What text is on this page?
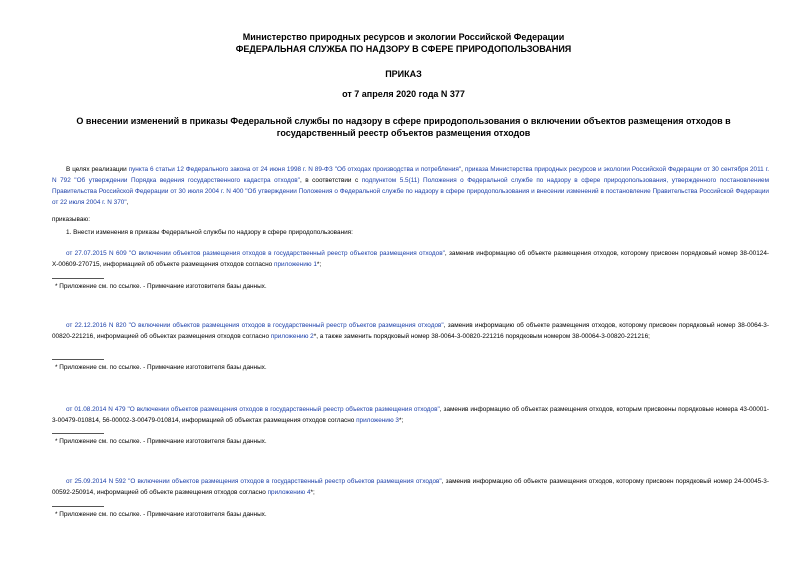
Министерство природных ресурсов и экологии Российской Федерации
ФЕДЕРАЛЬНАЯ СЛУЖБА ПО НАДЗОРУ В СФЕРЕ ПРИРОДОПОЛЬЗОВАНИЯ
ПРИКАЗ
от 7 апреля 2020 года N 377
О внесении изменений в приказы Федеральной службы по надзору в сфере природопользования о включении объектов размещения отходов в государственный реестр объектов размещения отходов
В целях реализации пункта 6 статьи 12 Федерального закона от 24 июня 1998 г. N 89-ФЗ "Об отходах производства и потребления", приказа Министерства природных ресурсов и экологии Российской Федерации от 30 сентября 2011 г. N 792 "Об утверждении Порядка ведения государственного кадастра отходов", в соответствии с подпунктом 5.5(11) Положения о Федеральной службе по надзору в сфере природопользования, утвержденного постановлением Правительства Российской Федерации от 30 июля 2004 г. N 400 "Об утверждении Положения о Федеральной службе по надзору в сфере природопользования и внесении изменений в постановление Правительства Российской Федерации от 22 июля 2004 г. N 370",
приказываю:
1. Внести изменения в приказы Федеральной службы по надзору в сфере природопользования:
от 27.07.2015 N 609 "О включении объектов размещения отходов в государственный реестр объектов размещения отходов", заменив информацию об объекте размещения отходов, которому присвоен порядковый номер 38-00124-Х-00609-270715, информацией об объекте размещения отходов согласно приложению 1*;
* Приложение см. по ссылке. - Примечание изготовителя базы данных.
от 22.12.2016 N 820 "О включении объектов размещения отходов в государственный реестр объектов размещения отходов", заменив информацию об объекте размещения отходов, которому присвоен порядковый номер 38-0064-3-00820-221216, информацией об объектах размещения отходов согласно приложению 2*, а также заменить порядковый номер 38-0064-3-00820-221216 порядковым номером 38-00064-3-00820-221216;
* Приложение см. по ссылке. - Примечание изготовителя базы данных.
от 01.08.2014 N 479 "О включении объектов размещения отходов в государственный реестр объектов размещения отходов", заменив информацию об объектах размещения отходов, которым присвоены порядковые номера 43-00001-3-00479-010814, 56-00002-3-00479-010814, информацией об объектах размещения отходов согласно приложению 3*;
* Приложение см. по ссылке. - Примечание изготовителя базы данных.
от 25.09.2014 N 592 "О включении объектов размещения отходов в государственный реестр объектов размещения отходов", заменив информацию об объекте размещения отходов, которому присвоен порядковый номер 24-00045-3-00592-250914, информацией об объекте размещения отходов согласно приложению 4*;
* Приложение см. по ссылке. - Примечание изготовителя базы данных.
